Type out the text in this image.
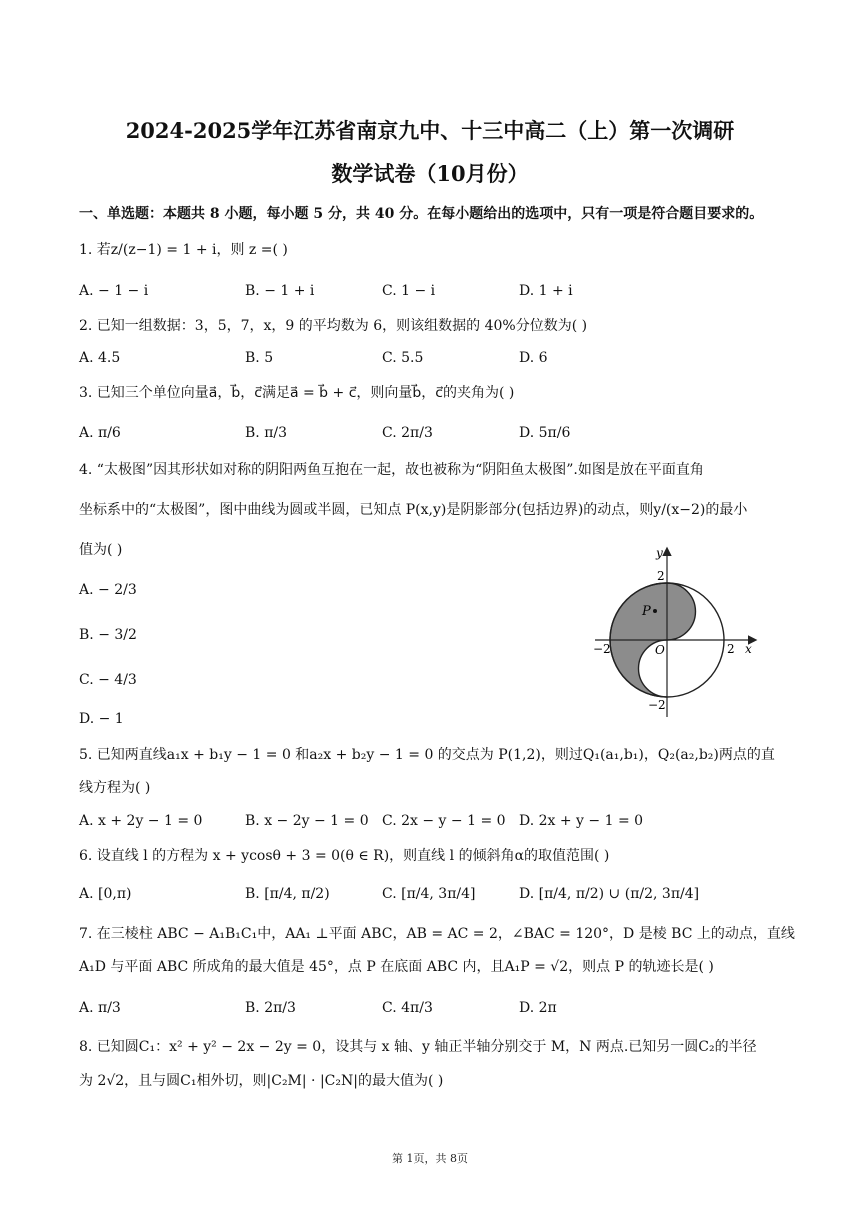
2024-2025学年江苏省南京九中、十三中高二（上）第一次调研
数学试卷（10月份）
一、单选题：本题共 8 小题，每小题 5 分，共 40 分。在每小题给出的选项中，只有一项是符合题目要求的。
1. 若z/(z−1) = 1 + i，则 z =( )
A. − 1 − i	B. − 1 + i	C. 1 − i	D. 1 + i
2. 已知一组数据：3，5，7，x，9 的平均数为 6，则该组数据的 40%分位数为( )
A. 4.5	B. 5	C. 5.5	D. 6
3. 已知三个单位向量a⃗，b⃗，c⃗满足a⃗ = b⃗ + c⃗，则向量b⃗，c⃗的夹角为( )
A. π/6	B. π/3	C. 2π/3	D. 5π/6
4. “太极图”因其形状如对称的阴阳两鱼互抱在一起，故也被称为“阴阳鱼太极图”.如图是放在平面直角
坐标系中的“太极图”，图中曲线为圆或半圆，已知点 P(x,y)是阴影部分(包括边界)的动点，则y/(x−2)的最小
值为( )
A. − 2/3
B. − 3/2
C. − 4/3
D. − 1
P
y
x
O
2
−2
−2	2
5. 已知两直线a₁x + b₁y − 1 = 0 和a₂x + b₂y − 1 = 0 的交点为 P(1,2)，则过Q₁(a₁,b₁)，Q₂(a₂,b₂)两点的直
线方程为( )
A. x + 2y − 1 = 0	B. x − 2y − 1 = 0 C. 2x − y − 1 = 0 D. 2x + y − 1 = 0
6. 设直线 l 的方程为 x + ycosθ + 3 = 0(θ ∈ R)，则直线 l 的倾斜角α的取值范围( )
A. [0,π)	B. [π/4, π/2)	C. [π/4, 3π/4]	D. [π/4, π/2) ∪ (π/2, 3π/4]
7. 在三棱柱 ABC − A₁B₁C₁中，AA₁ ⊥平面 ABC，AB = AC = 2，∠BAC = 120°，D 是棱 BC 上的动点，直线
A₁D 与平面 ABC 所成角的最大值是 45°，点 P 在底面 ABC 内，且A₁P = √2，则点 P 的轨迹长是( )
A. π/3	B. 2π/3	C. 4π/3	D. 2π
8. 已知圆C₁：x² + y² − 2x − 2y = 0，设其与 x 轴、y 轴正半轴分别交于 M，N 两点.已知另一圆C₂的半径
为 2√2，且与圆C₁相外切，则|C₂M| · |C₂N|的最大值为( )
第 1页，共 8页
